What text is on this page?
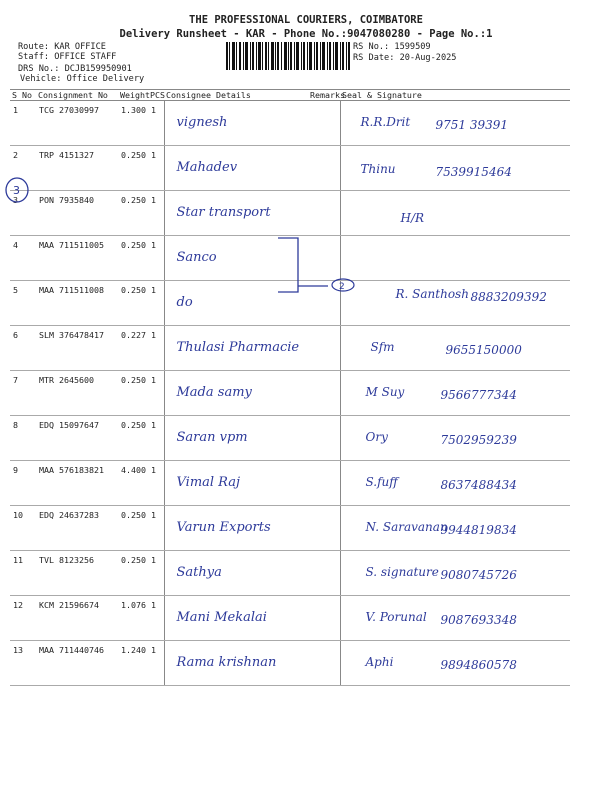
THE PROFESSIONAL COURIERS, COIMBATORE
Delivery Runsheet - KAR - Phone No.:9047080280 - Page No.:1
Route: KAR OFFICE
Staff: OFFICE STAFF
DRS No.: DCJB159950901
Vehicle: Office Delivery
RS No.: 1599509
RS Date: 20-Aug-2025
S No	Consignment No	Weight	PCS	Consignee Details	Remarks	Seal & Signature
1	TCG 27030997	1.300	1	vignesh		R.R.Drit 9751 39391

2	TRP 4151327	0.250	1	Mahadev		Thinu 7539915464

3	PON 7935840	0.250	1	Star transport		H/R

4	MAA 711511005	0.250	1	Sanco		

5	MAA 711511008	0.250	1	do		R. Santhosh 8883209392

6	SLM 376478417	0.227	1	Thulasi Pharmacie		Sfm 9655150000

7	MTR 2645600	0.250	1	Mada samy		M Suy 9566777344

8	EDQ 15097647	0.250	1	Saran vpm		Ory 7502959239

9	MAA 576183821	4.400	1	Vimal Raj		S.fuff 8637488434

10	EDQ 24637283	0.250	1	Varun Exports		N. Saravanan
9944819834

11	TVL 8123256	0.250	1	Sathya		S. signature 9080745726

12	KCM 21596674	1.076	1	Mani Mekalai		V. Porunal 9087693348

13	MAA 711440746	1.240	1	Rama krishnan		Aphi 9894860578
3
2
